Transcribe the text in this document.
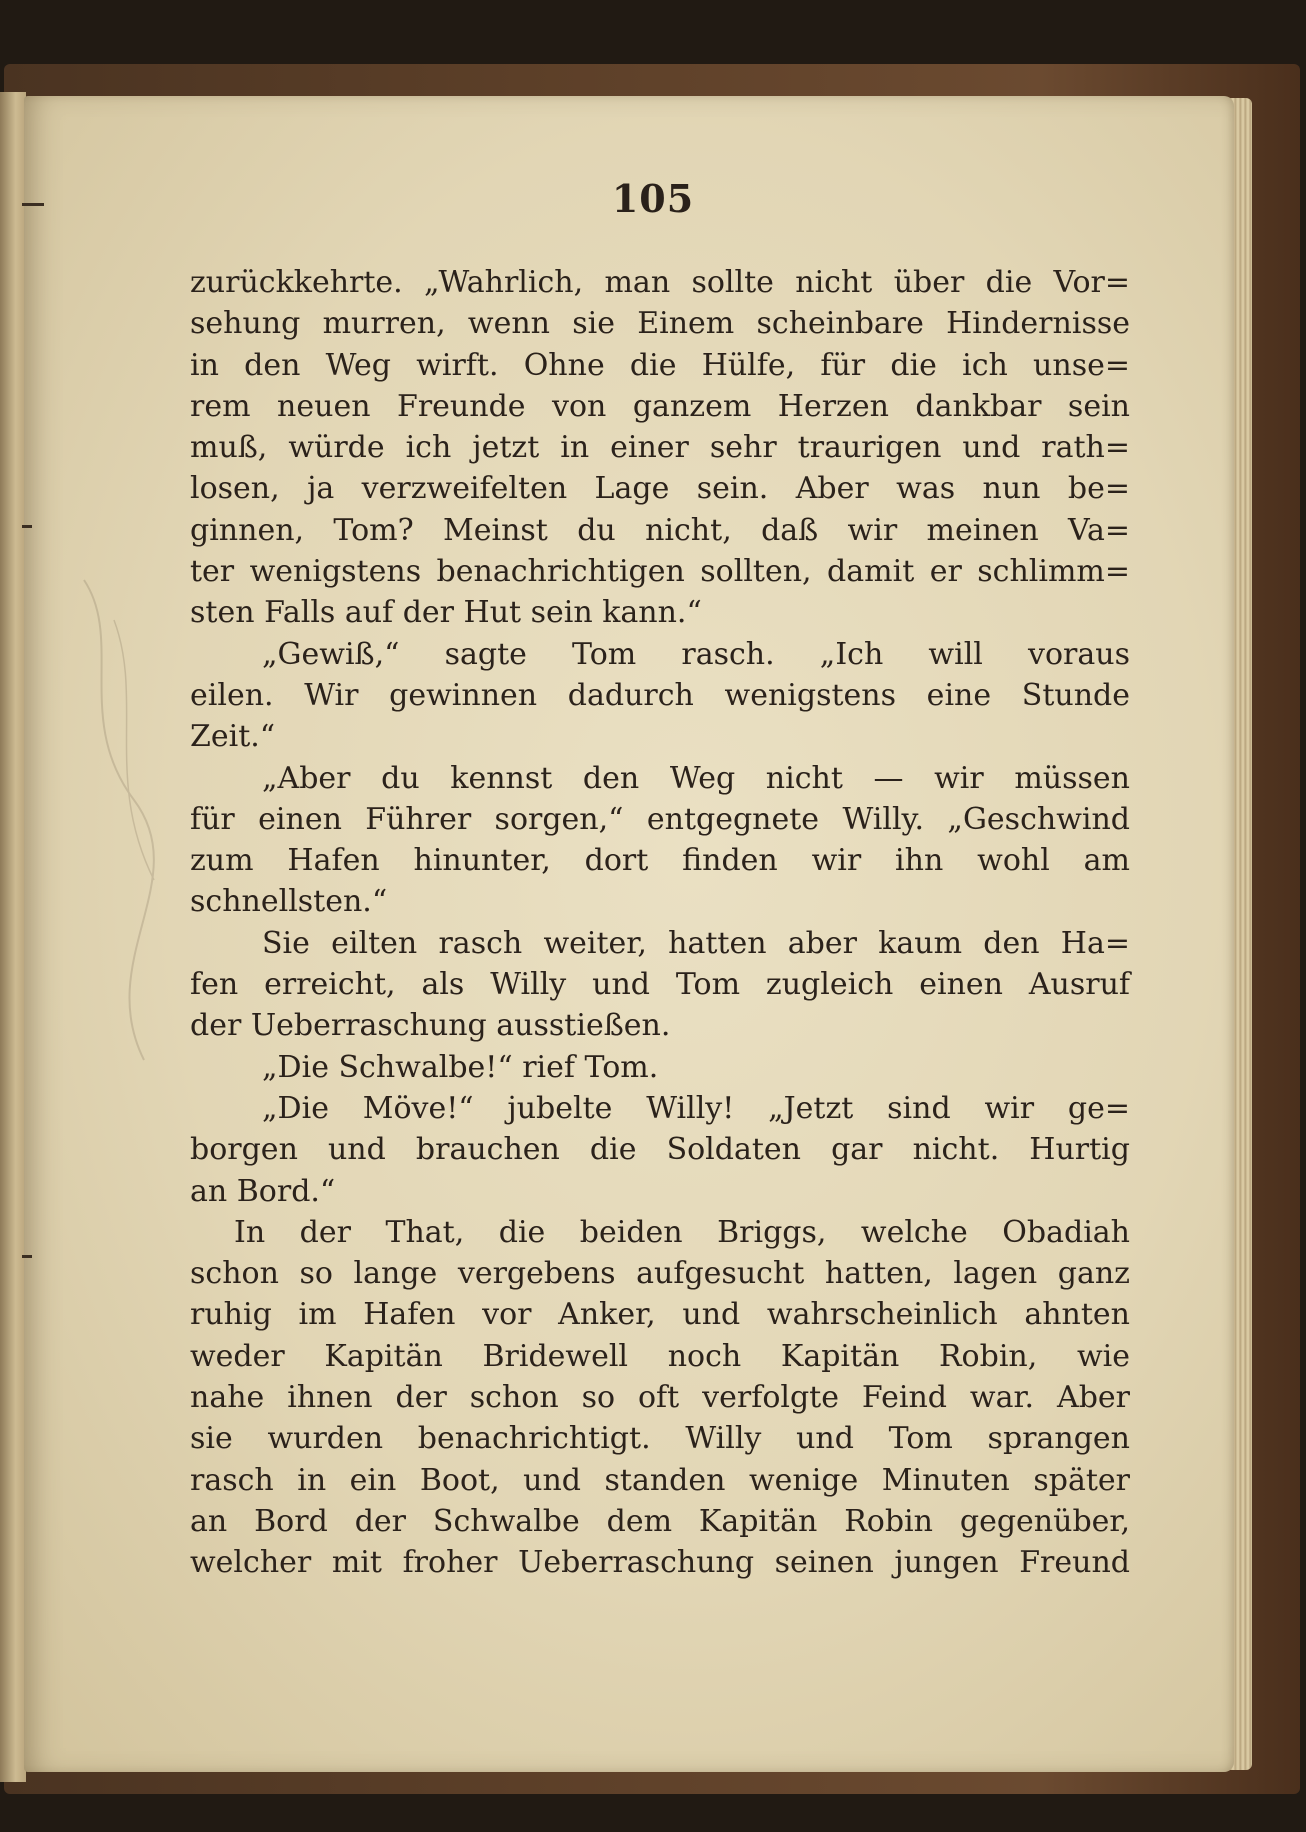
105
zurückkehrte. „Wahrlich, man sollte nicht über die Vor=
sehung murren, wenn sie Einem scheinbare Hindernisse
in den Weg wirft. Ohne die Hülfe, für die ich unse=
rem neuen Freunde von ganzem Herzen dankbar sein
muß, würde ich jetzt in einer sehr traurigen und rath=
losen, ja verzweifelten Lage sein. Aber was nun be=
ginnen, Tom? Meinst du nicht, daß wir meinen Va=
ter wenigstens benachrichtigen sollten, damit er schlimm=
sten Falls auf der Hut sein kann.“
„Gewiß,“ sagte Tom rasch. „Ich will voraus
eilen. Wir gewinnen dadurch wenigstens eine Stunde
Zeit.“
„Aber du kennst den Weg nicht — wir müssen
für einen Führer sorgen,“ entgegnete Willy. „Geschwind
zum Hafen hinunter, dort finden wir ihn wohl am
schnellsten.“
Sie eilten rasch weiter, hatten aber kaum den Ha=
fen erreicht, als Willy und Tom zugleich einen Ausruf
der Ueberraschung ausstießen.
„Die Schwalbe!“ rief Tom.
„Die Möve!“ jubelte Willy! „Jetzt sind wir ge=
borgen und brauchen die Soldaten gar nicht. Hurtig
an Bord.“
In der That, die beiden Briggs, welche Obadiah
schon so lange vergebens aufgesucht hatten, lagen ganz
ruhig im Hafen vor Anker, und wahrscheinlich ahnten
weder Kapitän Bridewell noch Kapitän Robin, wie
nahe ihnen der schon so oft verfolgte Feind war. Aber
sie wurden benachrichtigt. Willy und Tom sprangen
rasch in ein Boot, und standen wenige Minuten später
an Bord der Schwalbe dem Kapitän Robin gegenüber,
welcher mit froher Ueberraschung seinen jungen Freund
